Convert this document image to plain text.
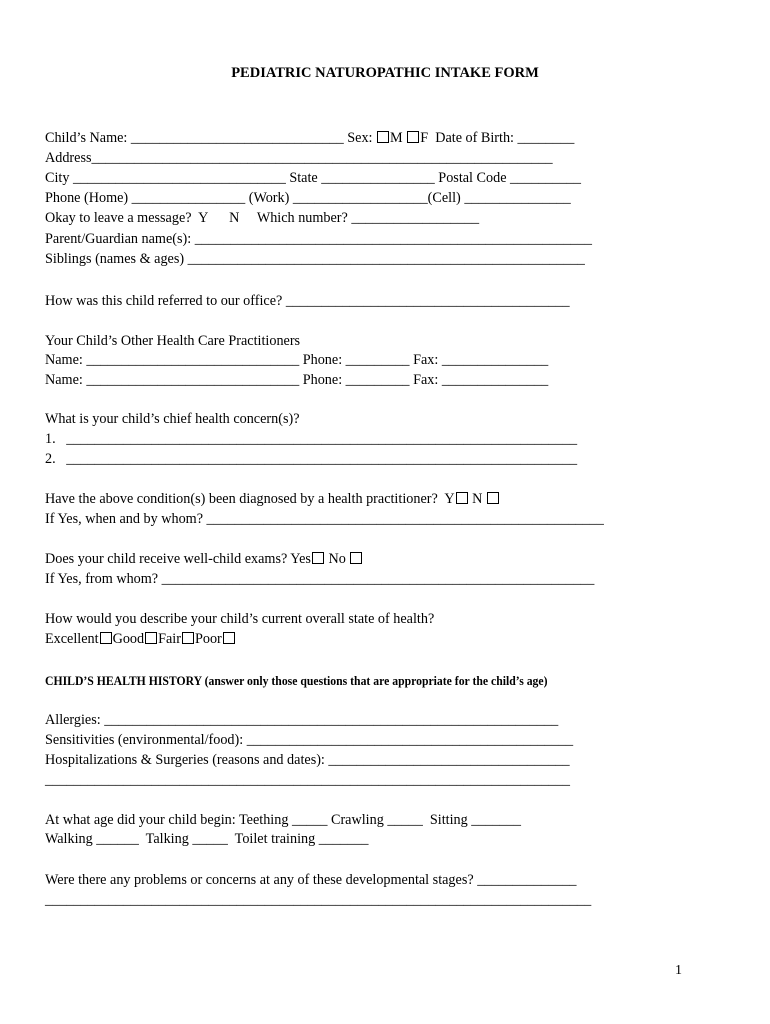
PEDIATRIC NATUROPATHIC INTAKE FORM
Child’s Name: ______________________________ Sex: M F  Date of Birth: ________
Address_________________________________________________________________
City ______________________________ State ________________ Postal Code __________
Phone (Home) ________________ (Work) ___________________(Cell) _______________
Okay to leave a message?  Y      N     Which number? __________________
Parent/Guardian name(s): ________________________________________________________
Siblings (names & ages) ________________________________________________________
How was this child referred to our office? ________________________________________
Your Child’s Other Health Care Practitioners
Name: ______________________________ Phone: _________ Fax: _______________
Name: ______________________________ Phone: _________ Fax: _______________
What is your child’s chief health concern(s)?
1.   ________________________________________________________________________
2.   ________________________________________________________________________
Have the above condition(s) been diagnosed by a health practitioner?  Y N
If Yes, when and by whom? ________________________________________________________
Does your child receive well-child exams? Yes No
If Yes, from whom? _____________________________________________________________
How would you describe your child’s current overall state of health?
Excellent Good Fair Poor
CHILD’S HEALTH HISTORY (answer only those questions that are appropriate for the child’s age)
Allergies: ________________________________________________________________
Sensitivities (environmental/food): ______________________________________________
Hospitalizations & Surgeries (reasons and dates): __________________________________
__________________________________________________________________________
At what age did your child begin: Teething _____ Crawling _____  Sitting _______
Walking ______  Talking _____  Toilet training _______
Were there any problems or concerns at any of these developmental stages? ______________
_____________________________________________________________________________
1
